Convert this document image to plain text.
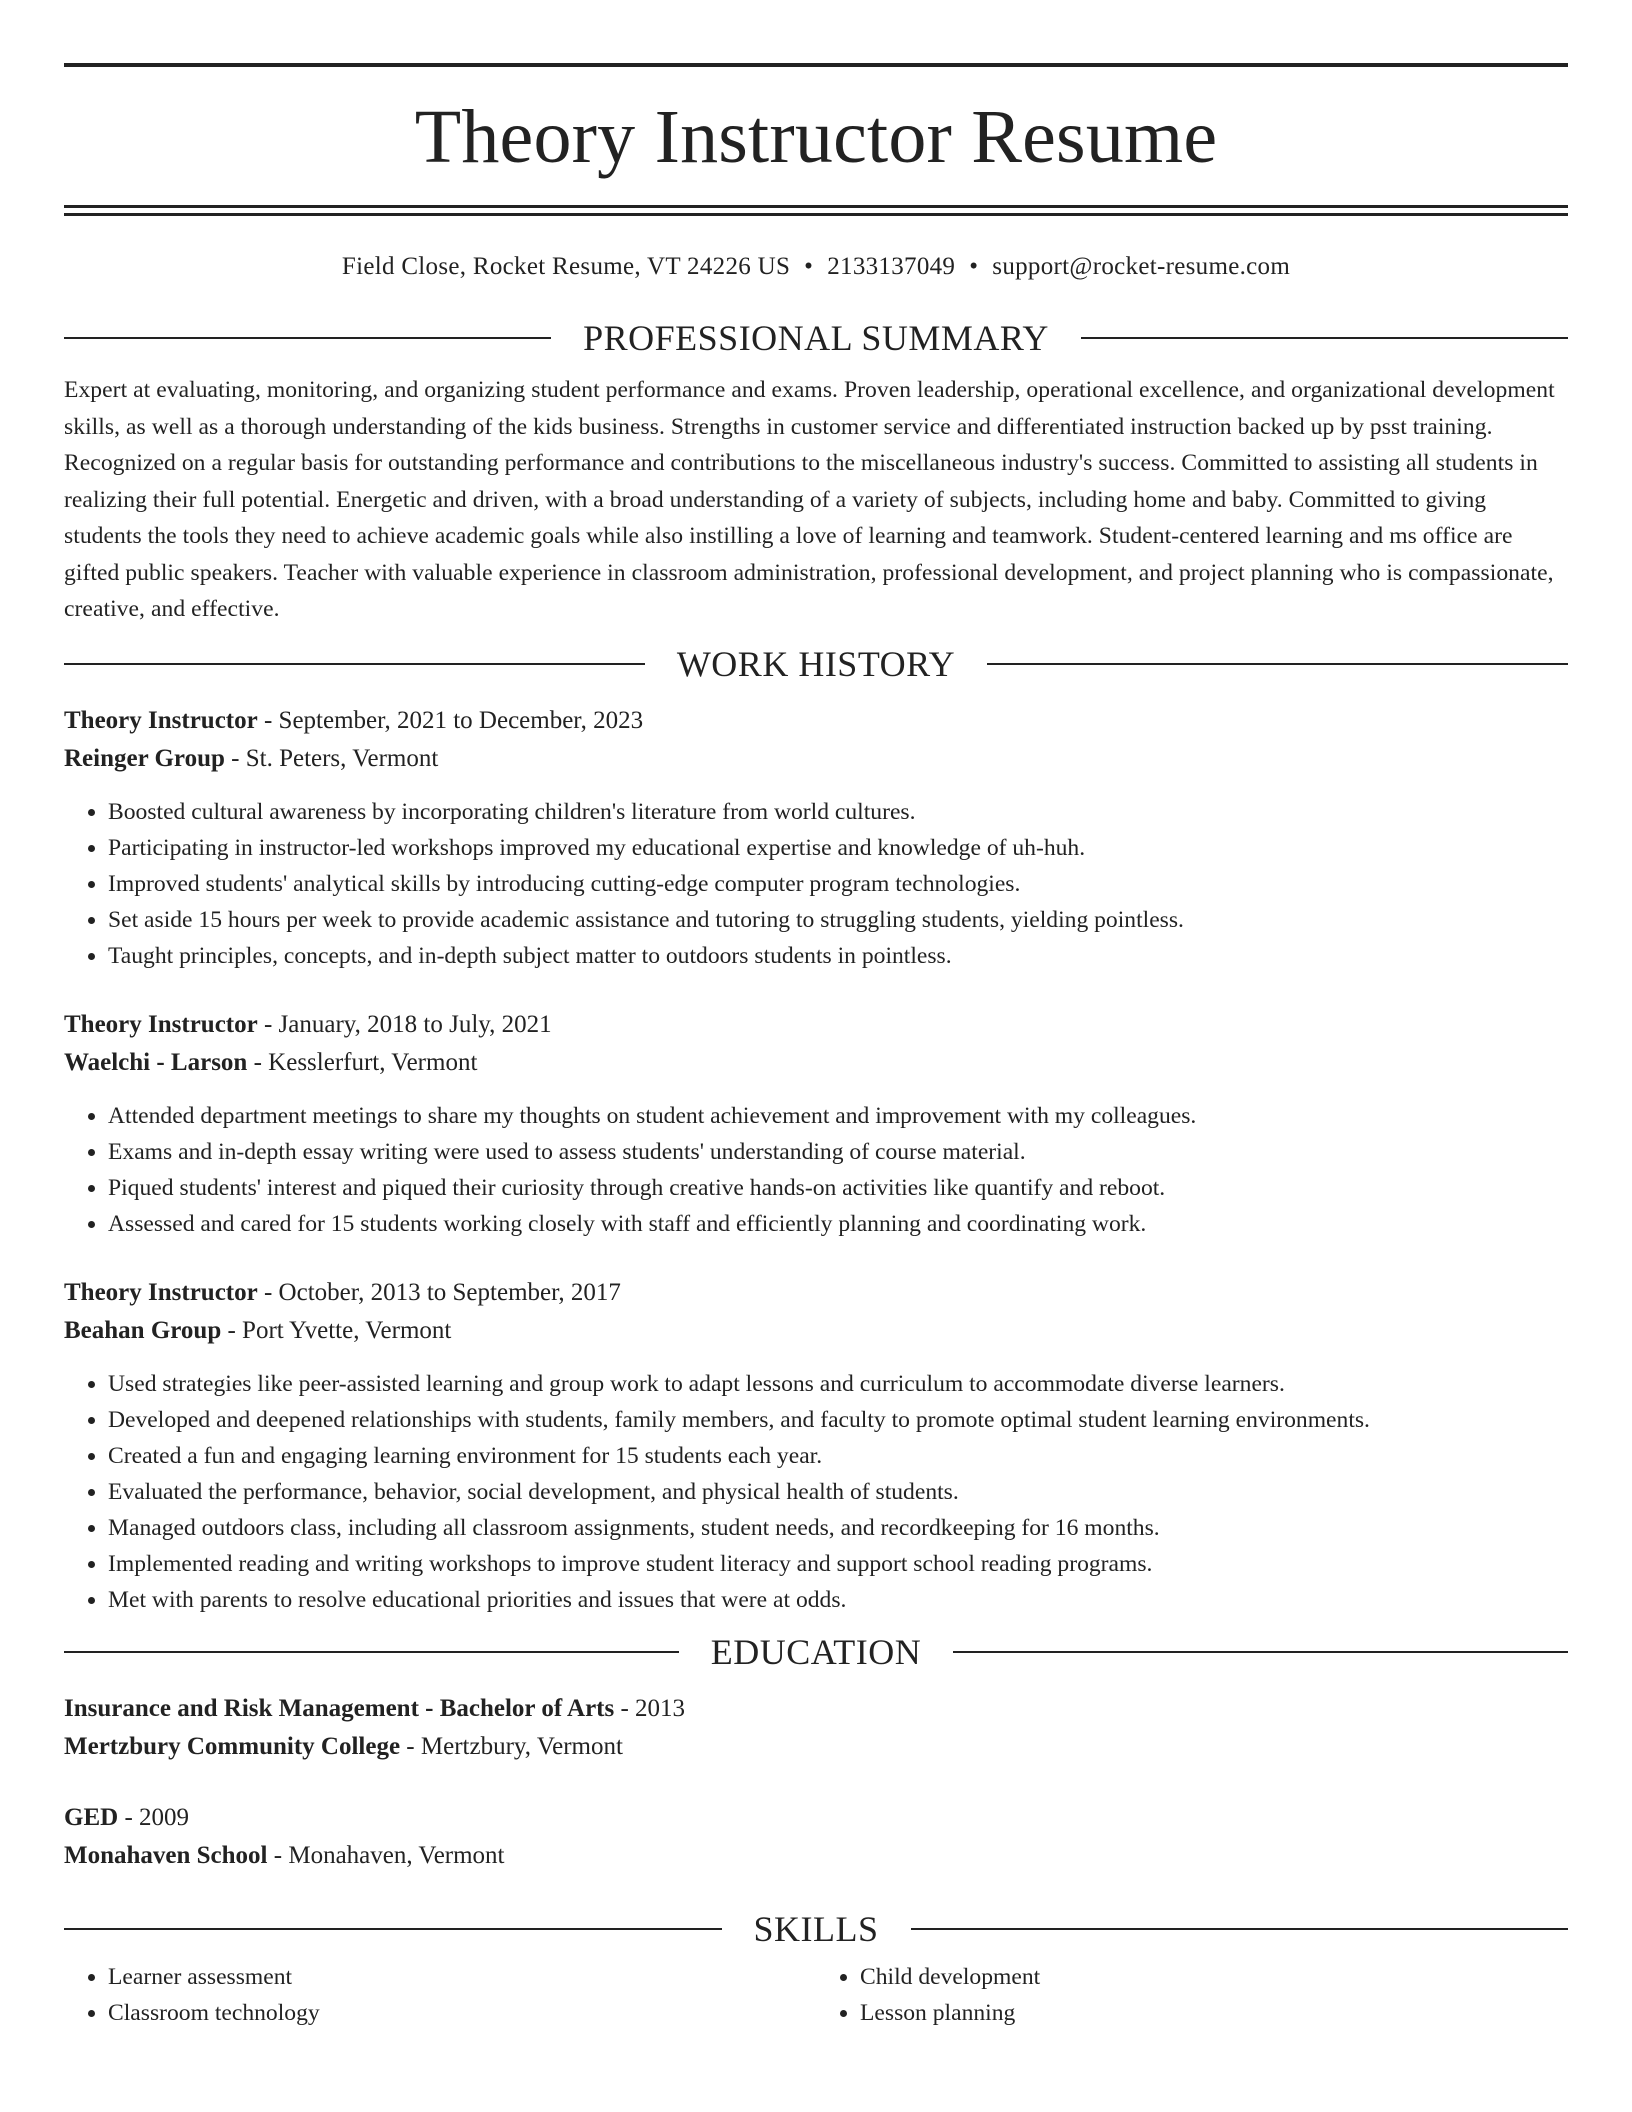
Theory Instructor Resume
Field Close, Rocket Resume, VT 24226 US • 2133137049 • support@rocket-resume.com
PROFESSIONAL SUMMARY

Expert at evaluating, monitoring, and organizing student performance and exams. Proven leadership, operational excellence, and organizational development skills, as well as a thorough understanding of the kids business. Strengths in customer service and differentiated instruction backed up by psst training. Recognized on a regular basis for outstanding performance and contributions to the miscellaneous industry's success. Committed to assisting all students in realizing their full potential. Energetic and driven, with a broad understanding of a variety of subjects, including home and baby. Committed to giving students the tools they need to achieve academic goals while also instilling a love of learning and teamwork. Student-centered learning and ms office are gifted public speakers. Teacher with valuable experience in classroom administration, professional development, and project planning who is compassionate, creative, and effective.

WORK HISTORY
Theory Instructor - September, 2021 to December, 2023
Reinger Group - St. Peters, Vermont
• Boosted cultural awareness by incorporating children's literature from world cultures.
• Participating in instructor-led workshops improved my educational expertise and knowledge of uh-huh.
• Improved students' analytical skills by introducing cutting-edge computer program technologies.
• Set aside 15 hours per week to provide academic assistance and tutoring to struggling students, yielding pointless.
• Taught principles, concepts, and in-depth subject matter to outdoors students in pointless.
Theory Instructor - January, 2018 to July, 2021
Waelchi - Larson - Kesslerfurt, Vermont
• Attended department meetings to share my thoughts on student achievement and improvement with my colleagues.
• Exams and in-depth essay writing were used to assess students' understanding of course material.
• Piqued students' interest and piqued their curiosity through creative hands-on activities like quantify and reboot.
• Assessed and cared for 15 students working closely with staff and efficiently planning and coordinating work.
Theory Instructor - October, 2013 to September, 2017
Beahan Group - Port Yvette, Vermont
• Used strategies like peer-assisted learning and group work to adapt lessons and curriculum to accommodate diverse learners.
• Developed and deepened relationships with students, family members, and faculty to promote optimal student learning environments.
• Created a fun and engaging learning environment for 15 students each year.
• Evaluated the performance, behavior, social development, and physical health of students.
• Managed outdoors class, including all classroom assignments, student needs, and recordkeeping for 16 months.
• Implemented reading and writing workshops to improve student literacy and support school reading programs.
• Met with parents to resolve educational priorities and issues that were at odds.
EDUCATION
Insurance and Risk Management - Bachelor of Arts - 2013
Mertzbury Community College - Mertzbury, Vermont
GED - 2009
Monahaven School - Monahaven, Vermont
SKILLS
• Learner assessment
• Classroom technology
• Child development
• Lesson planning
